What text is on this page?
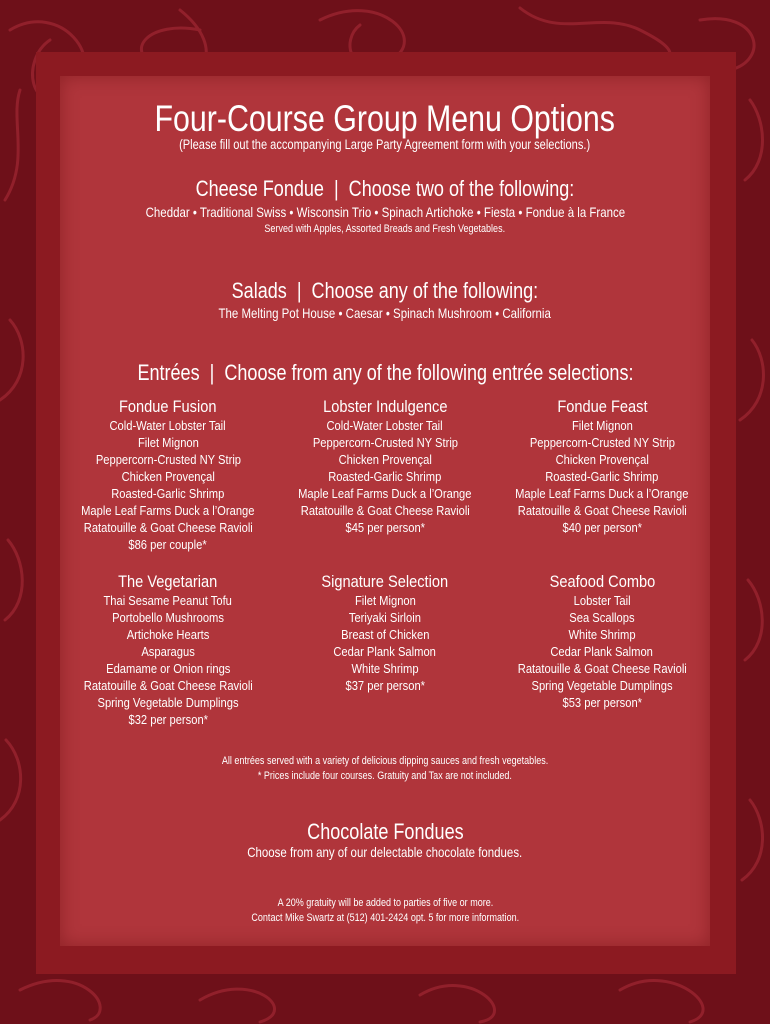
Four-Course Group Menu Options
(Please fill out the accompanying Large Party Agreement form with your selections.)
Cheese Fondue  |  Choose two of the following:
Cheddar • Traditional Swiss • Wisconsin Trio • Spinach Artichoke • Fiesta • Fondue à la France
Served with Apples, Assorted Breads and Fresh Vegetables.
Salads  |  Choose any of the following:
The Melting Pot House • Caesar • Spinach Mushroom • California
Entrées  |  Choose from any of the following entrée selections:
Fondue Fusion
Cold-Water Lobster Tail
Filet Mignon
Peppercorn-Crusted NY Strip
Chicken Provençal
Roasted-Garlic Shrimp
Maple Leaf Farms Duck a l’Orange
Ratatouille & Goat Cheese Ravioli
$86 per couple*
Lobster Indulgence
Cold-Water Lobster Tail
Peppercorn-Crusted NY Strip
Chicken Provençal
Roasted-Garlic Shrimp
Maple Leaf Farms Duck a l’Orange
Ratatouille & Goat Cheese Ravioli
$45 per person*
Fondue Feast
Filet Mignon
Peppercorn-Crusted NY Strip
Chicken Provençal
Roasted-Garlic Shrimp
Maple Leaf Farms Duck a l’Orange
Ratatouille & Goat Cheese Ravioli
$40 per person*
The Vegetarian
Thai Sesame Peanut Tofu
Portobello Mushrooms
Artichoke Hearts
Asparagus
Edamame or Onion rings
Ratatouille & Goat Cheese Ravioli
Spring Vegetable Dumplings
$32 per person*
Signature Selection
Filet Mignon
Teriyaki Sirloin
Breast of Chicken
Cedar Plank Salmon
White Shrimp
$37 per person*
Seafood Combo
Lobster Tail
Sea Scallops
White Shrimp
Cedar Plank Salmon
Ratatouille & Goat Cheese Ravioli
Spring Vegetable Dumplings
$53 per person*
All entrées served with a variety of delicious dipping sauces and fresh vegetables.
* Prices include four courses. Gratuity and Tax are not included.
Chocolate Fondues
Choose from any of our delectable chocolate fondues.
A 20% gratuity will be added to parties of five or more.
Contact Mike Swartz at (512) 401-2424 opt. 5 for more information.
